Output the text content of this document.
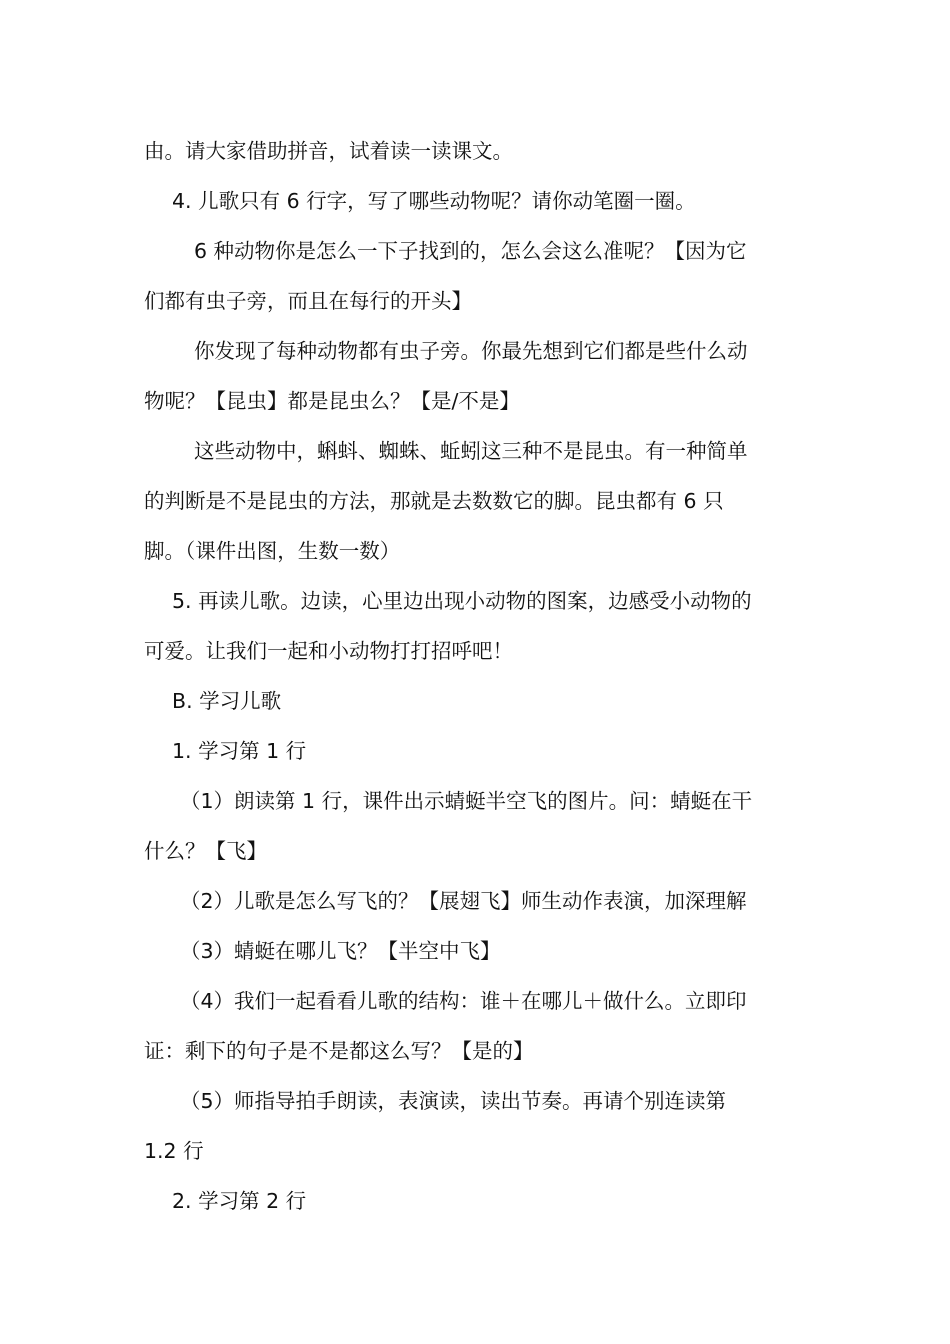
由。请大家借助拼音，试着读一读课文。

4. 儿歌只有 6 行字，写了哪些动物呢？请你动笔圈一圈。

6 种动物你是怎么一下子找到的，怎么会这么准呢？【因为它

们都有虫子旁，而且在每行的开头】

你发现了每种动物都有虫子旁。你最先想到它们都是些什么动

物呢？【昆虫】都是昆虫么？【是/不是】

这些动物中，蝌蚪、蜘蛛、蚯蚓这三种不是昆虫。有一种简单

的判断是不是昆虫的方法，那就是去数数它的脚。昆虫都有 6 只

脚。（课件出图，生数一数）

5. 再读儿歌。边读，心里边出现小动物的图案，边感受小动物的

可爱。让我们一起和小动物打打招呼吧！

B. 学习儿歌

1. 学习第 1 行

（1）朗读第 1 行，课件出示蜻蜓半空飞的图片。问：蜻蜓在干

什么？【飞】

（2）儿歌是怎么写飞的？【展翅飞】师生动作表演，加深理解

（3）蜻蜓在哪儿飞？【半空中飞】

（4）我们一起看看儿歌的结构：谁＋在哪儿＋做什么。立即印

证：剩下的句子是不是都这么写？【是的】

（5）师指导拍手朗读，表演读，读出节奏。再请个别连读第

1.2 行

2. 学习第 2 行
